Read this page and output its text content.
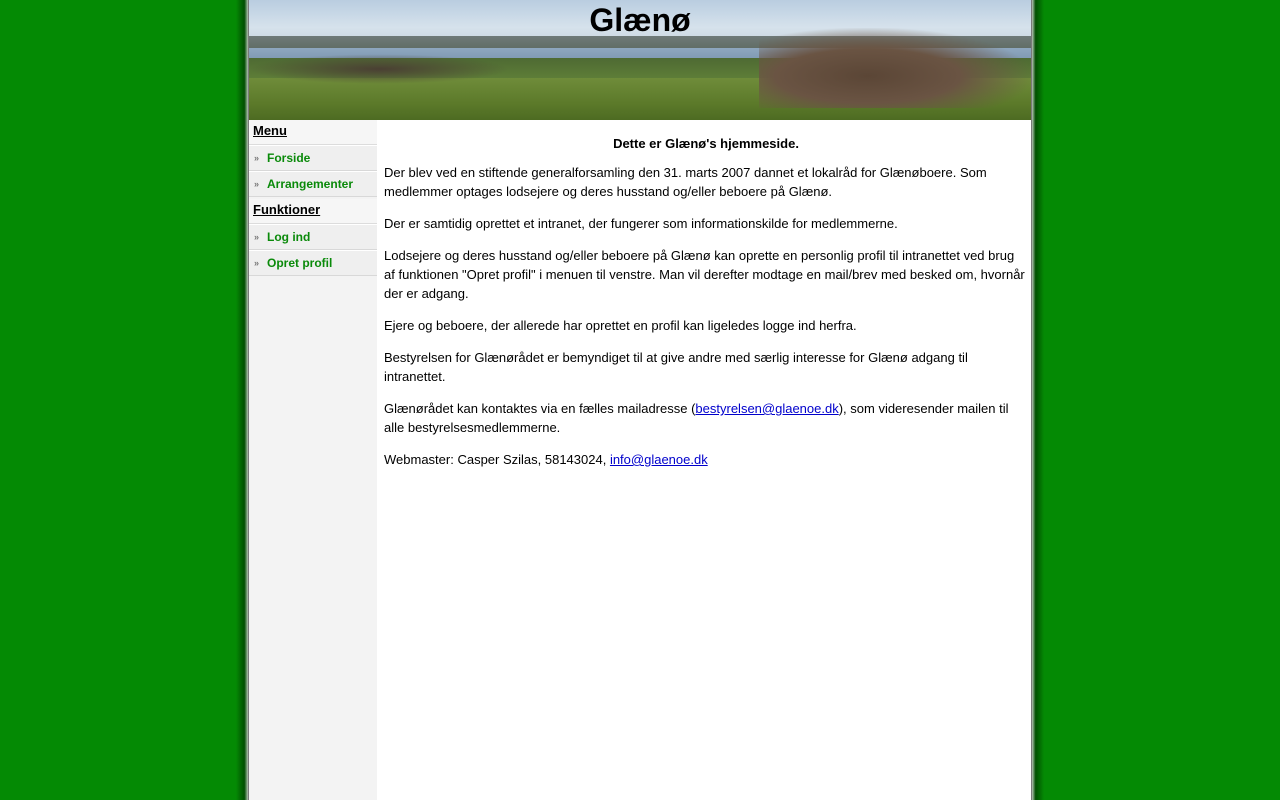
Glænø
Menu
» Forside
» Arrangementer
Funktioner
» Log ind
» Opret profil
Dette er Glænø's hjemmeside.

Der blev ved en stiftende generalforsamling den 31. marts 2007 dannet et lokalråd for Glænøboere. Som medlemmer optages lodsejere og deres husstand og/eller beboere på Glænø.

Der er samtidig oprettet et intranet, der fungerer som informationskilde for medlemmerne.

Lodsejere og deres husstand og/eller beboere på Glænø kan oprette en personlig profil til intranettet ved brug af funktionen "Opret profil" i menuen til venstre. Man vil derefter modtage en mail/brev med besked om, hvornår der er adgang.

Ejere og beboere, der allerede har oprettet en profil kan ligeledes logge ind herfra.

Bestyrelsen for Glænørådet er bemyndiget til at give andre med særlig interesse for Glænø adgang til intranettet.

Glænørådet kan kontaktes via en fælles mailadresse (bestyrelsen@glaenoe.dk), som videresender mailen til alle bestyrelsesmedlemmerne.

Webmaster: Casper Szilas, 58143024, info@glaenoe.dk
